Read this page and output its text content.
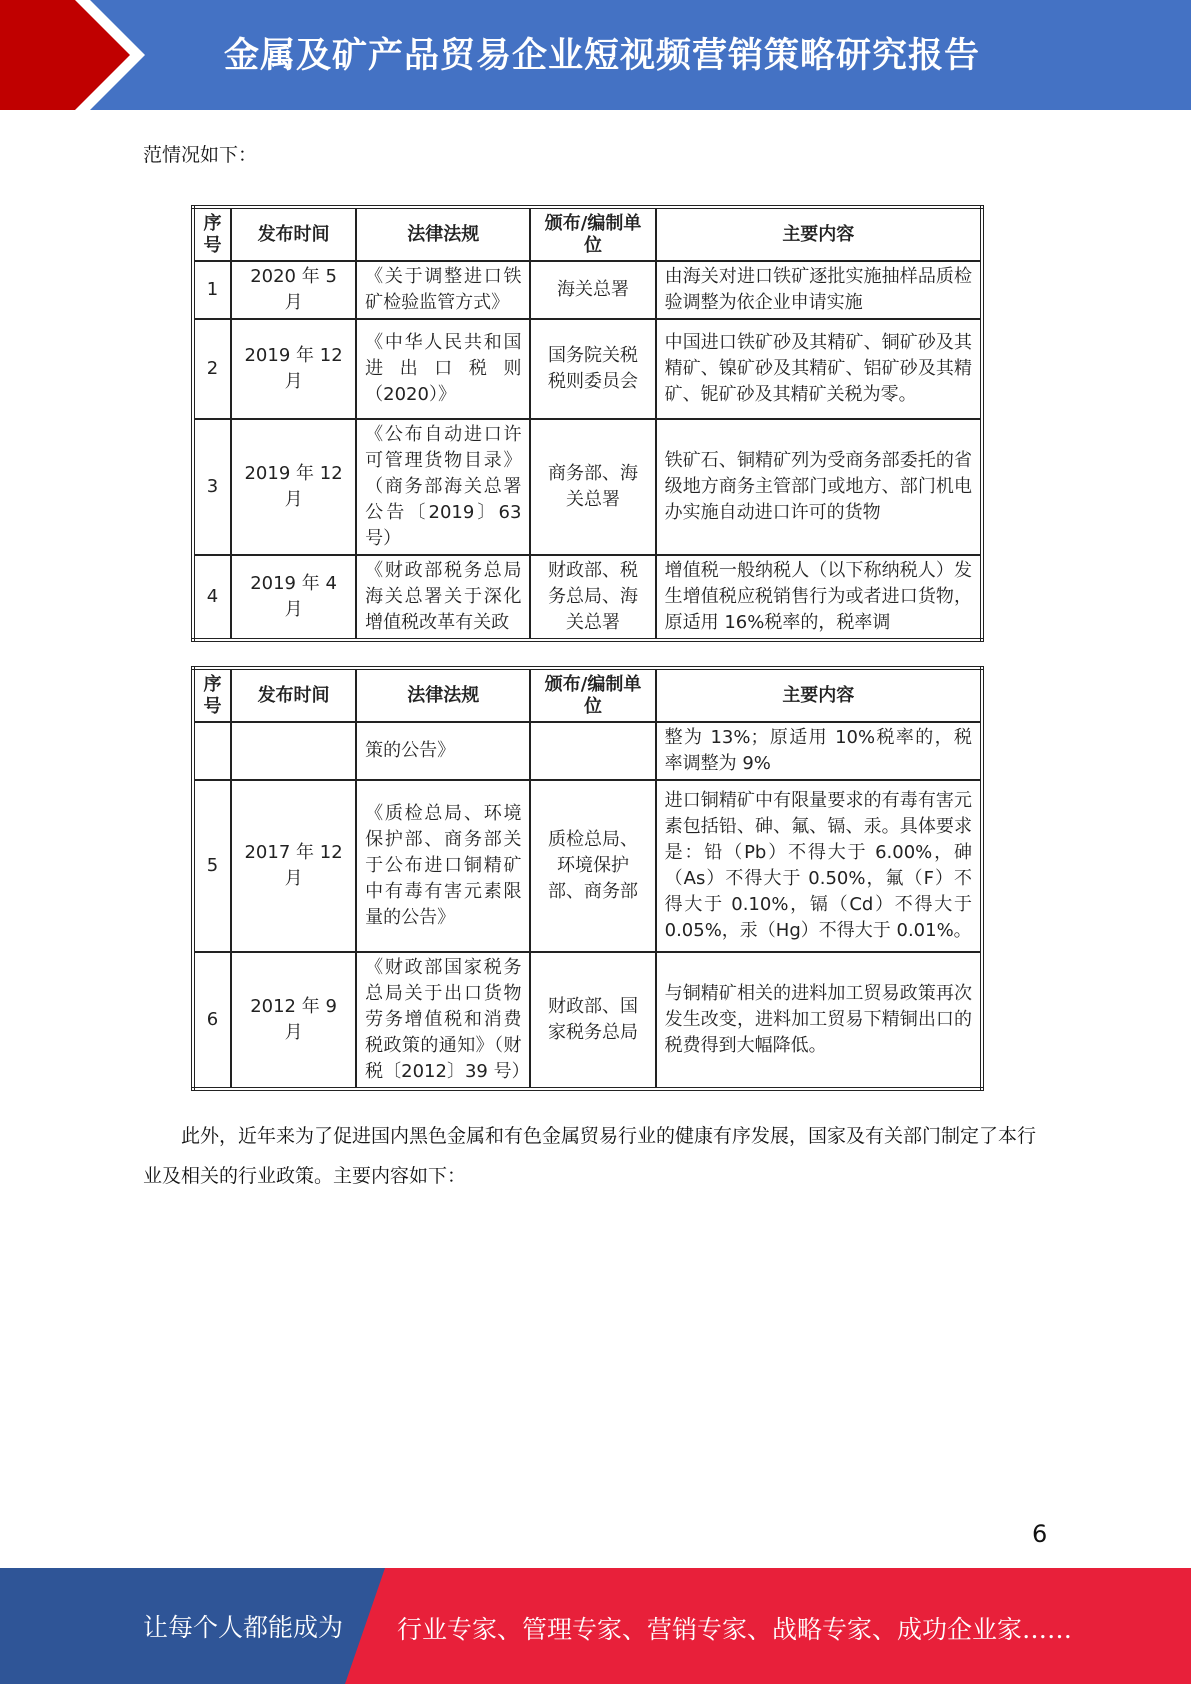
金属及矿产品贸易企业短视频营销策略研究报告
范情况如下：
序号	发布时间	法律法规	颁布/编制单位	主要内容
1	2020 年 5 月	《关于调整进口铁矿检验监管方式》	海关总署	由海关对进口铁矿逐批实施抽样品质检验调整为依企业申请实施
2	2019 年 12 月	《中华人民共和国进出口税则（2020）》	国务院关税税则委员会	中国进口铁矿砂及其精矿、铜矿砂及其精矿、镍矿砂及其精矿、铝矿砂及其精矿、铌矿砂及其精矿关税为零。
3	2019 年 12 月	《公布自动进口许可管理货物目录》（商务部海关总署公告〔2019〕63号）	商务部、海关总署	铁矿石、铜精矿列为受商务部委托的省级地方商务主管部门或地方、部门机电办实施自动进口许可的货物
4	2019 年 4 月	《财政部税务总局海关总署关于深化增值税改革有关政	财政部、税务总局、海关总署	增值税一般纳税人（以下称纳税人）发生增值税应税销售行为或者进口货物，原适用 16%税率的，税率调
序号	发布时间	法律法规	颁布/编制单位	主要内容
		策的公告》		整为 13%；原适用 10%税率的，税率调整为 9%
5	2017 年 12 月	《质检总局、环境保护部、商务部关于公布进口铜精矿中有毒有害元素限量的公告》	质检总局、环境保护部、商务部	进口铜精矿中有限量要求的有毒有害元素包括铅、砷、氟、镉、汞。具体要求是：铅（Pb）不得大于 6.00%，砷（As）不得大于 0.50%，氟（F）不得大于 0.10%，镉（Cd）不得大于 0.05%，汞（Hg）不得大于 0.01%。
6	2012 年 9 月	《财政部国家税务总局关于出口货物劳务增值税和消费税政策的通知》（财税〔2012〕39 号）	财政部、国家税务总局	与铜精矿相关的进料加工贸易政策再次发生改变，进料加工贸易下精铜出口的税费得到大幅降低。
此外，近年来为了促进国内黑色金属和有色金属贸易行业的健康有序发展，国家及有关部门制定了本行业及相关的行业政策。主要内容如下：
6
让每个人都能成为 行业专家、管理专家、营销专家、战略专家、成功企业家……
